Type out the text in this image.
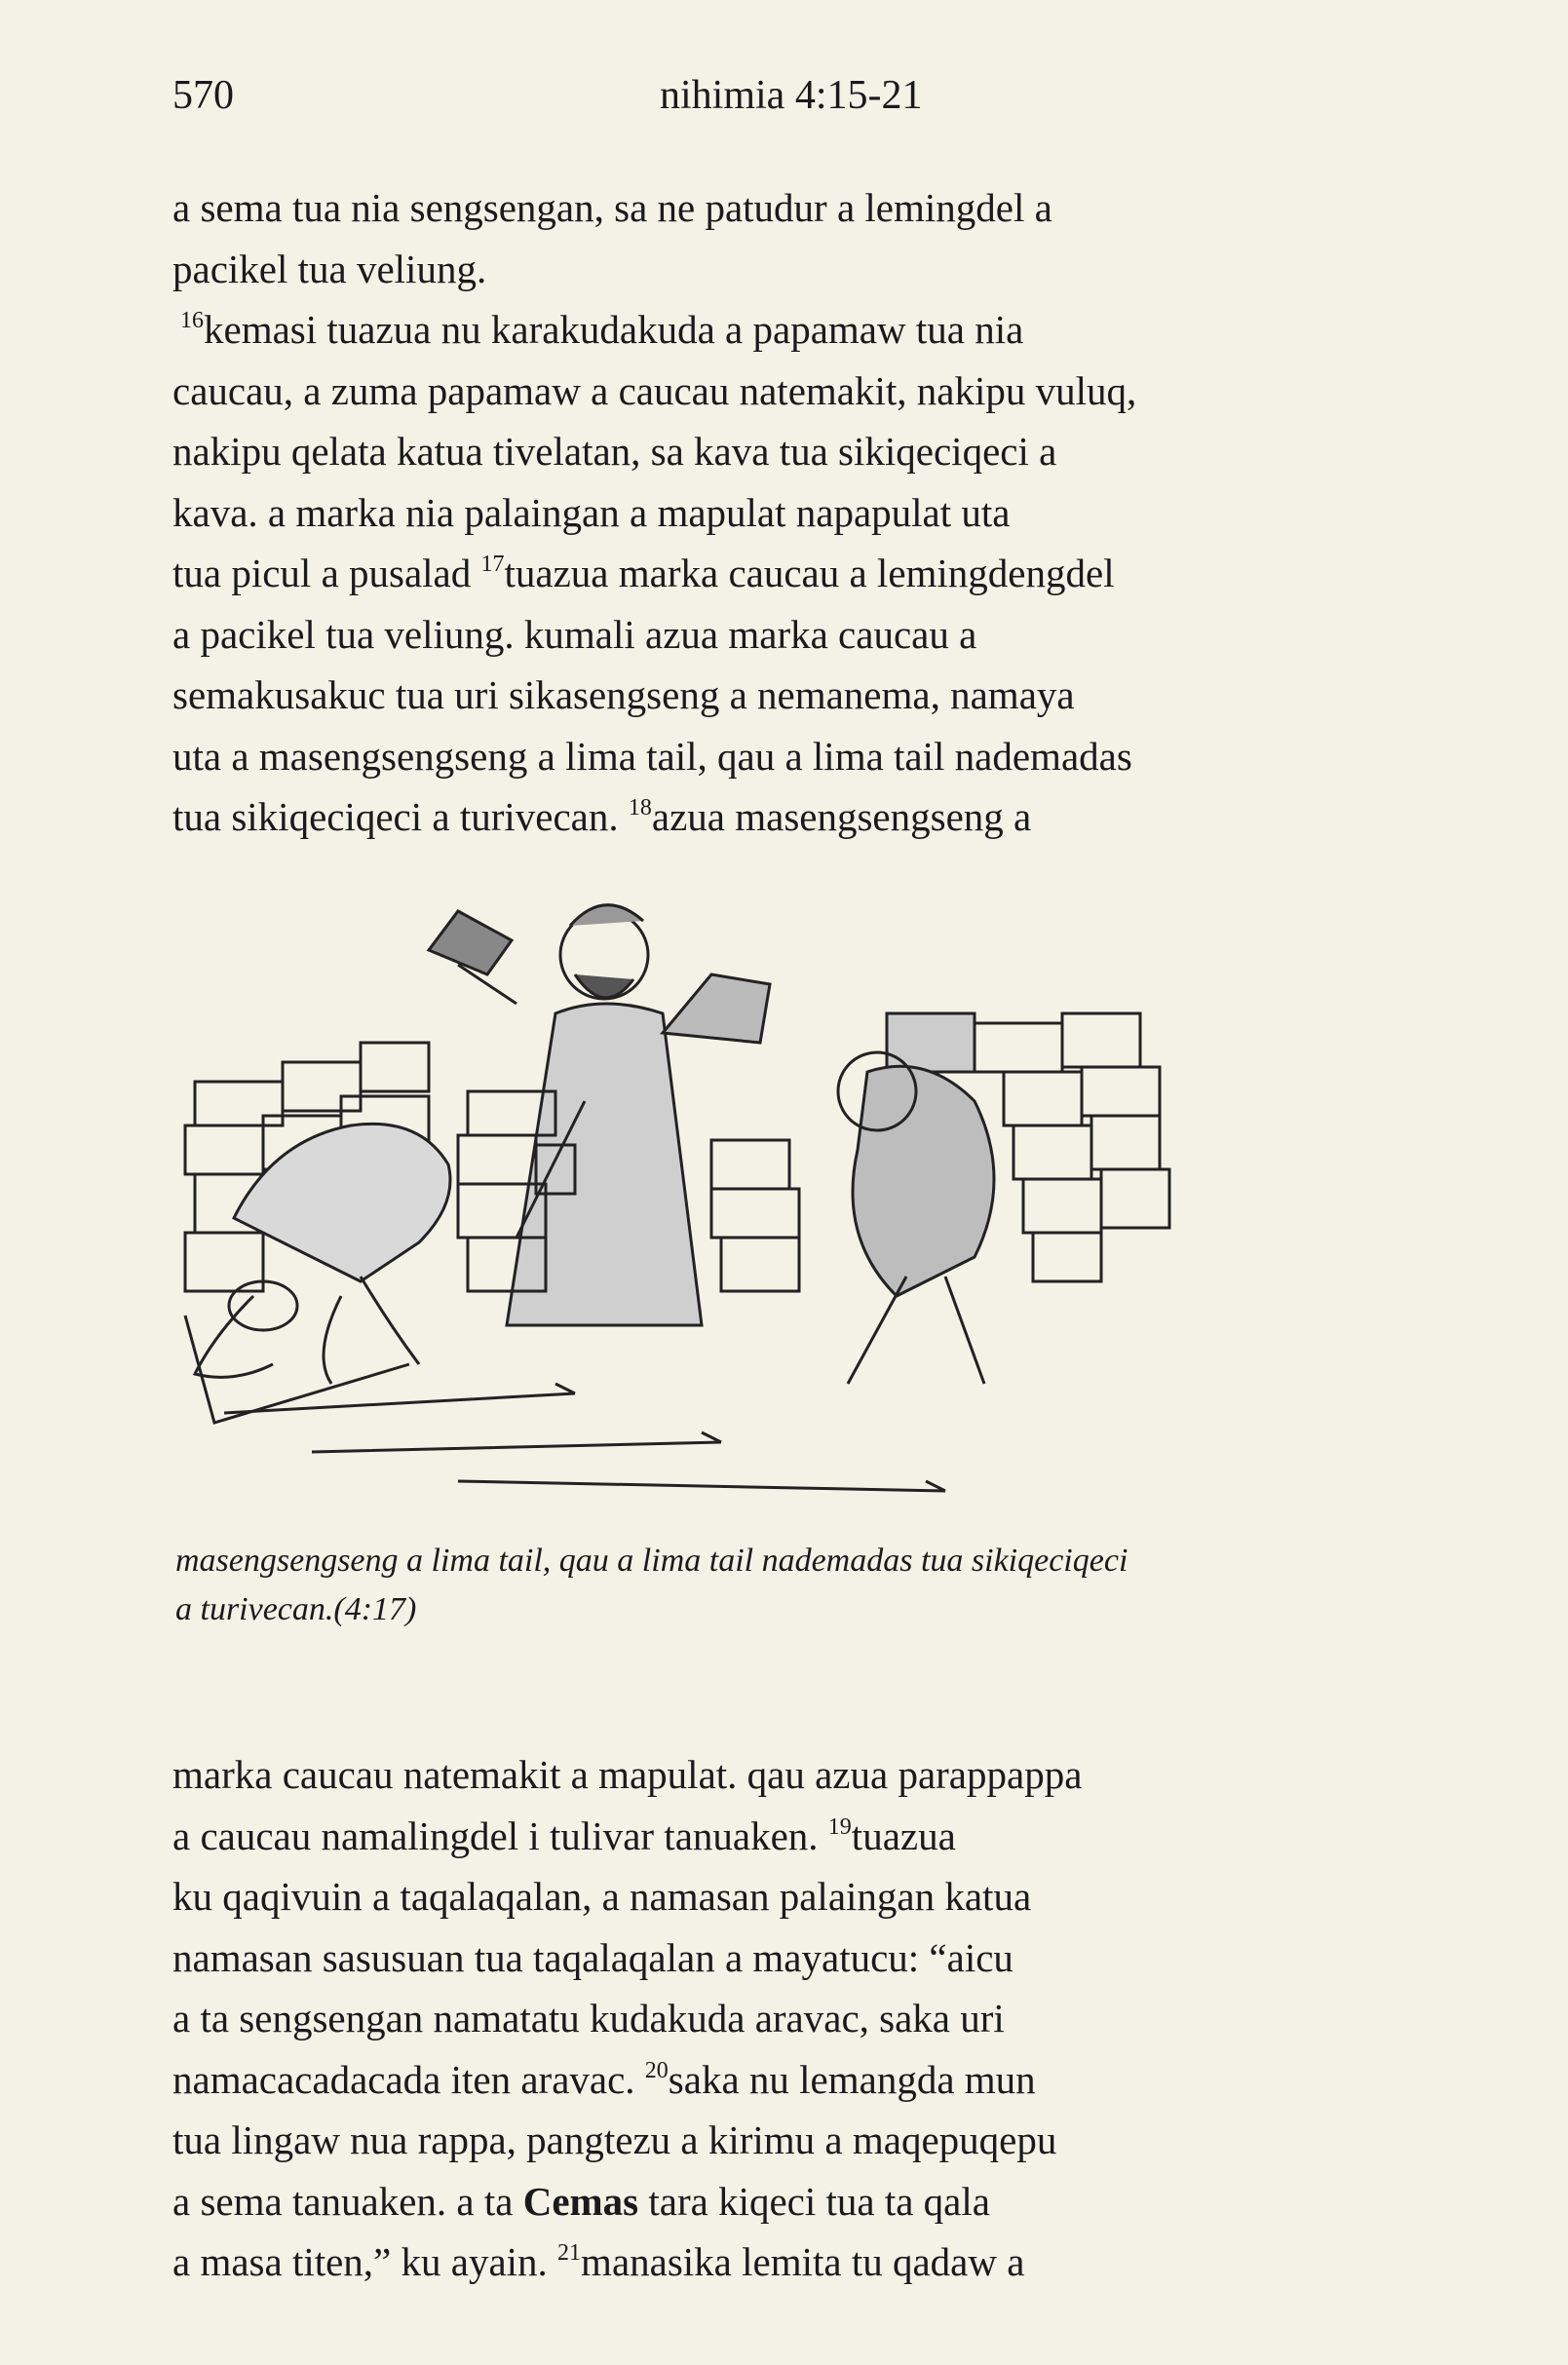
570	nihimia 4:15-21

a sema tua nia sengsengan, sa ne patudur a lemingdel a

pacikel tua veliung.

$^{16}$kemasi tuazua nu karakudakuda a papamaw tua nia

caucau, a zuma papamaw a caucau natemakit, nakipu vuluq,

nakipu qelata katua tivelatan, sa kava tua sikiqeciqeci a

kava. a marka nia palaingan a mapulat napapulat uta

tua picul a pusalad $^{17}$tuazua marka caucau a lemingdengdel

a pacikel tua veliung. kumali azua marka caucau a

semakusakuc tua uri sikasengseng a nemanema, namaya

uta a masengsengseng a lima tail, qau a lima tail nademadas

tua sikiqeciqeci a turivecan. $^{18}$azua masengsengseng a

masengsengseng a lima tail, qau a lima tail nademadas tua sikiqeciqeci
a turivecan.(4:17)

marka caucau natemakit a mapulat. qau azua parappappa

a caucau namalingdel i tulivar tanuaken. $^{19}$tuazua

ku qaqivuin a taqalaqalan, a namasan palaingan katua

namasan sasusuan tua taqalaqalan a mayatucu: “aicu

a ta sengsengan namatatu kudakuda aravac, saka uri

namacacadacada iten aravac. $^{20}$saka nu lemangda mun

tua lingaw nua rappa, pangtezu a kirimu a maqepuqepu

a sema tanuaken. a ta Cemas tara kiqeci tua ta qala

a masa titen,” ku ayain. $^{21}$manasika lemita tu qadaw a
